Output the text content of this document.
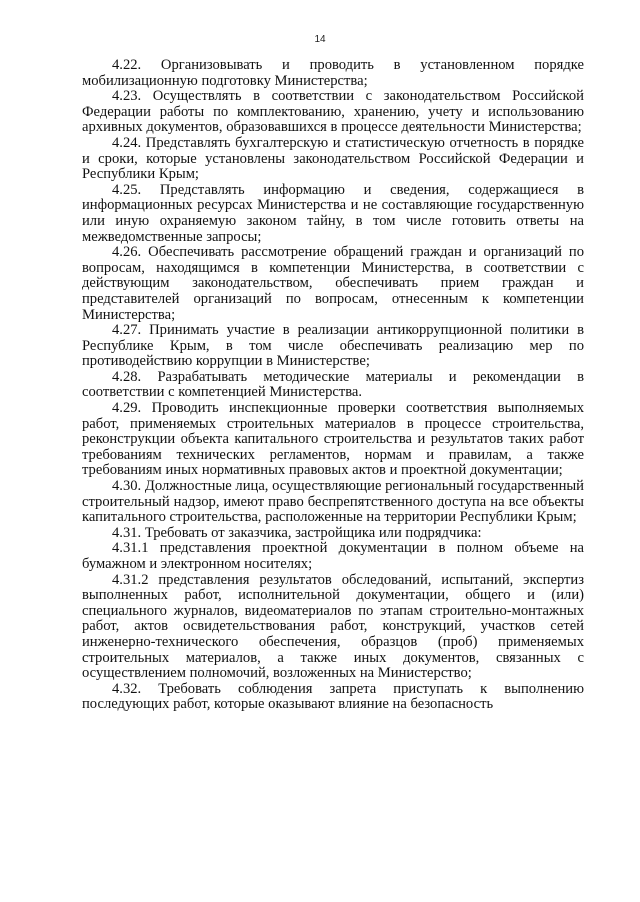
14

4.22. Организовывать и проводить в установленном порядке мобилизационную подготовку Министерства;

4.23. Осуществлять в соответствии с законодательством Российской Федерации работы по комплектованию, хранению, учету и использованию архивных документов, образовавшихся в процессе деятельности Министерства;

4.24. Представлять бухгалтерскую и статистическую отчетность в порядке и сроки, которые установлены законодательством Российской Федерации и Республики Крым;

4.25. Представлять информацию и сведения, содержащиеся в информационных ресурсах Министерства и не составляющие государственную или иную охраняемую законом тайну, в том числе готовить ответы на межведомственные запросы;

4.26. Обеспечивать рассмотрение обращений граждан и организаций по вопросам, находящимся в компетенции Министерства, в соответствии с действующим законодательством, обеспечивать прием граждан и представителей организаций по вопросам, отнесенным к компетенции Министерства;

4.27. Принимать участие в реализации антикоррупционной политики в Республике Крым, в том числе обеспечивать реализацию мер по противодействию коррупции в Министерстве;

4.28. Разрабатывать методические материалы и рекомендации в соответствии с компетенцией Министерства.

4.29. Проводить инспекционные проверки соответствия выполняемых работ, применяемых строительных материалов в процессе строительства, реконструкции объекта капитального строительства и результатов таких работ требованиям технических регламентов, нормам и правилам, а также требованиям иных нормативных правовых актов и проектной документации;

4.30. Должностные лица, осуществляющие региональный государственный строительный надзор, имеют право беспрепятственного доступа на все объекты капитального строительства, расположенные на территории Республики Крым;

4.31. Требовать от заказчика, застройщика или подрядчика:

4.31.1 представления проектной документации в полном объеме на бумажном и электронном носителях;

4.31.2 представления результатов обследований, испытаний, экспертиз выполненных работ, исполнительной документации, общего и (или) специального журналов, видеоматериалов по этапам строительно-монтажных работ, актов освидетельствования работ, конструкций, участков сетей инженерно-технического обеспечения, образцов (проб) применяемых строительных материалов, а также иных документов, связанных с осуществлением полномочий, возложенных на Министерство;

4.32. Требовать соблюдения запрета приступать к выполнению последующих работ, которые оказывают влияние на безопасность
